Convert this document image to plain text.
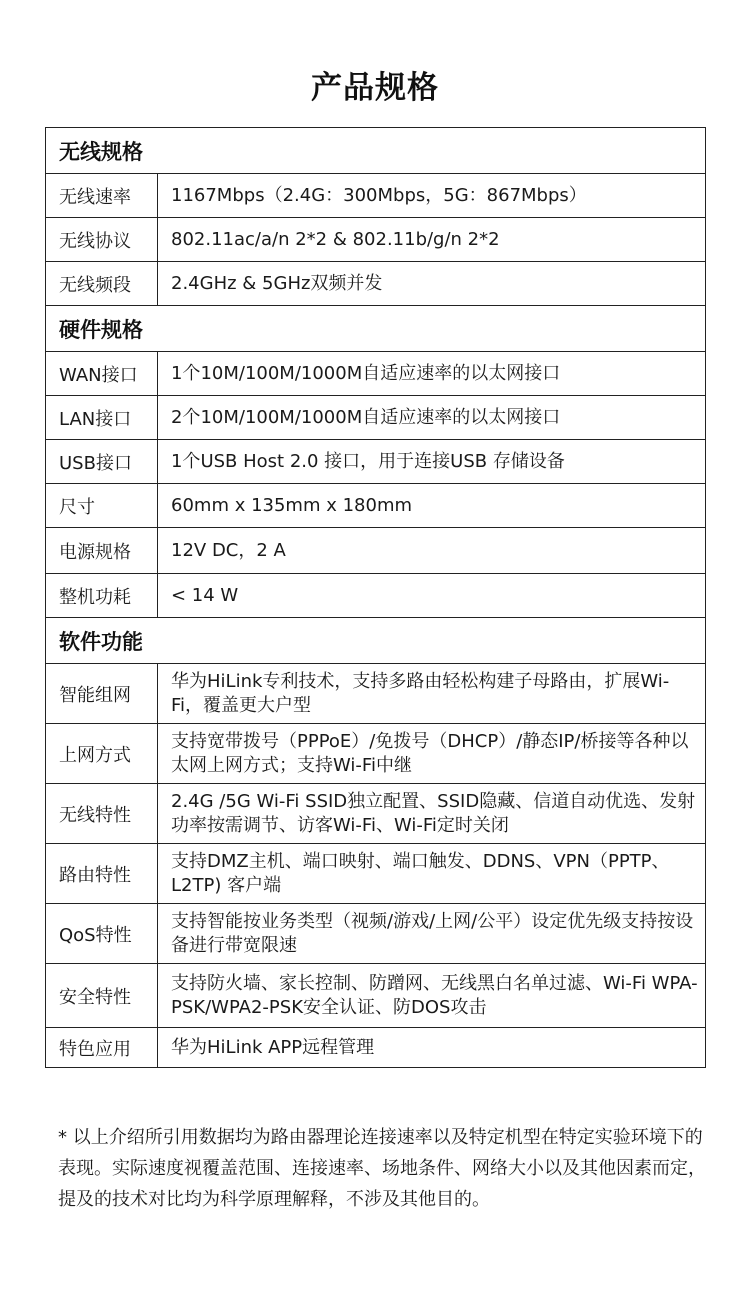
产品规格
无线规格	
无线速率	1167Mbps（2.4G：300Mbps，5G：867Mbps）
无线协议	802.11ac/a/n 2*2 & 802.11b/g/n 2*2
无线频段	2.4GHz & 5GHz双频并发
硬件规格	
WAN接口	1个10M/100M/1000M自适应速率的以太网接口
LAN接口	2个10M/100M/1000M自适应速率的以太网接口
USB接口	1个USB Host 2.0 接口，用于连接USB 存储设备
尺寸	60mm x 135mm x 180mm
电源规格	12V DC，2 A
整机功耗	< 14 W
软件功能	
智能组网	华为HiLink专利技术，支持多路由轻松构建子母路由，扩展Wi-Fi，覆盖更大户型
上网方式	支持宽带拨号（PPPoE）/免拨号（DHCP）/静态IP/桥接等各种以太网上网方式；支持Wi-Fi中继
无线特性	2.4G /5G Wi-Fi SSID独立配置、SSID隐藏、信道自动优选、发射功率按需调节、访客Wi-Fi、Wi-Fi定时关闭
路由特性	支持DMZ主机、端口映射、端口触发、DDNS、VPN（PPTP、L2TP) 客户端
QoS特性	支持智能按业务类型（视频/游戏/上网/公平）设定优先级支持按设备进行带宽限速
安全特性	支持防火墙、家长控制、防蹭网、无线黑白名单过滤、Wi-Fi WPA-PSK/WPA2-PSK安全认证、防DOS攻击
特色应用	华为HiLink APP远程管理
* 以上介绍所引用数据均为路由器理论连接速率以及特定机型在特定实验环境下的表现。实际速度视覆盖范围、连接速率、场地条件、网络大小以及其他因素而定，提及的技术对比均为科学原理解释，不涉及其他目的。
